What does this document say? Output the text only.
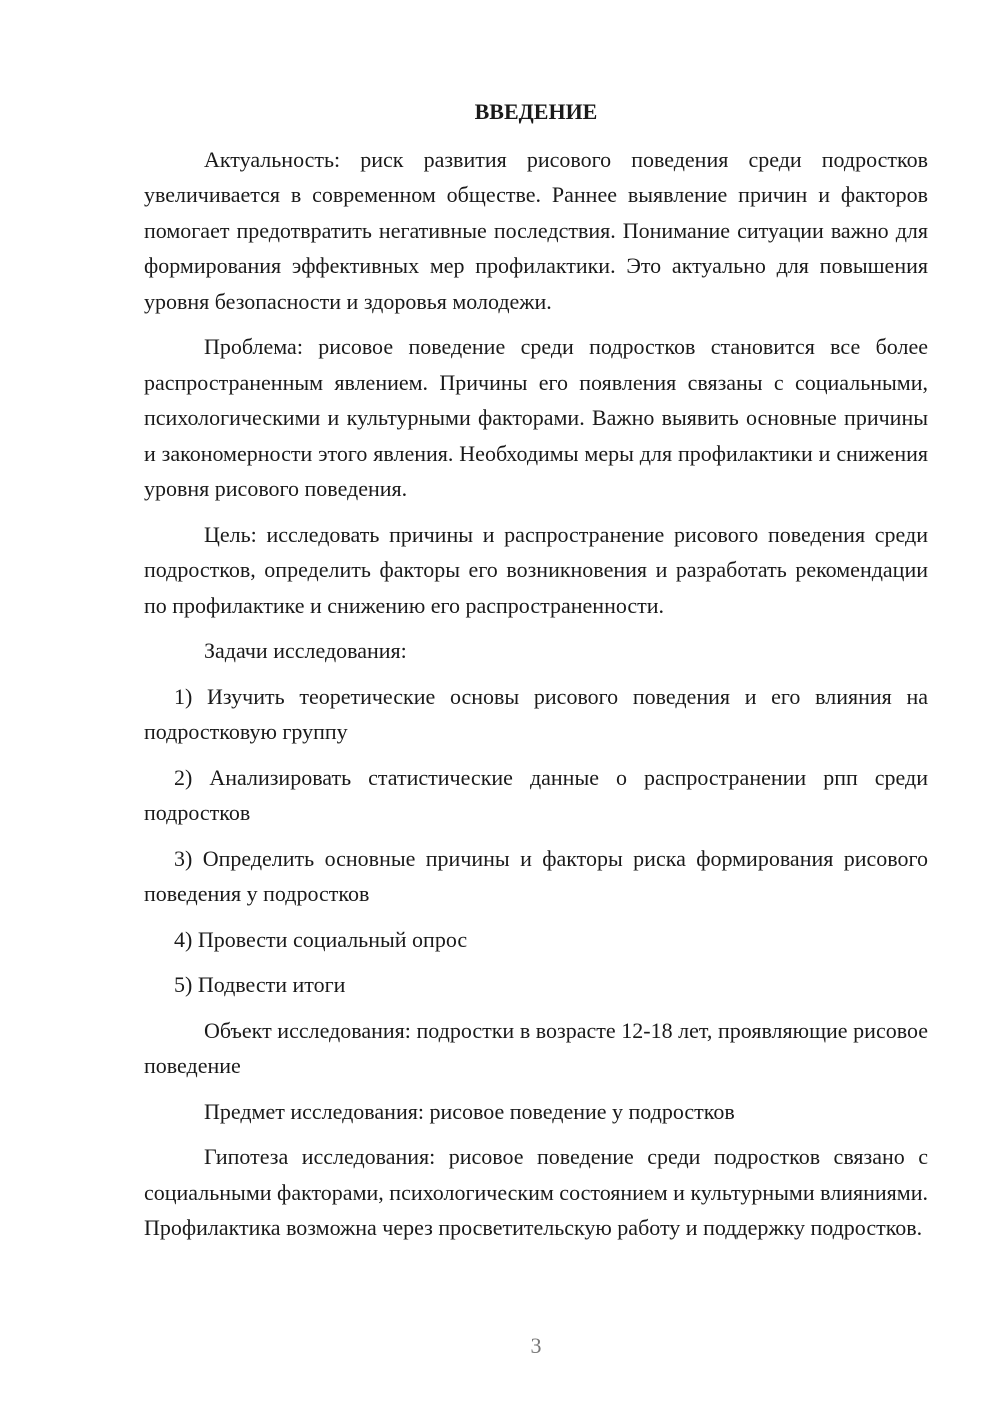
ВВЕДЕНИЕ

Актуальность: риск развития рисового поведения среди подростков увеличивается в современном обществе. Раннее выявление причин и факторов помогает предотвратить негативные последствия. Понимание ситуации важно для формирования эффективных мер профилактики. Это актуально для повышения уровня безопасности и здоровья молодежи.

Проблема: рисовое поведение среди подростков становится все более распространенным явлением. Причины его появления связаны с социальными, психологическими и культурными факторами. Важно выявить основные причины и закономерности этого явления. Необходимы меры для профилактики и снижения уровня рисового поведения.

Цель: исследовать причины и распространение рисового поведения среди подростков, определить факторы его возникновения и разработать рекомендации по профилактике и снижению его распространенности.

Задачи исследования:

1) Изучить теоретические основы рисового поведения и его влияния на подростковую группу

2) Анализировать статистические данные о распространении рпп среди подростков

3) Определить основные причины и факторы риска формирования рисового поведения у подростков

4) Провести социальный опрос

5) Подвести итоги

Объект исследования: подростки в возрасте 12-18 лет, проявляющие рисовое поведение

Предмет исследования: рисовое поведение у подростков

Гипотеза исследования: рисовое поведение среди подростков связано с социальными факторами, психологическим состоянием и культурными влияниями. Профилактика возможна через просветительскую работу и поддержку подростков.

3
